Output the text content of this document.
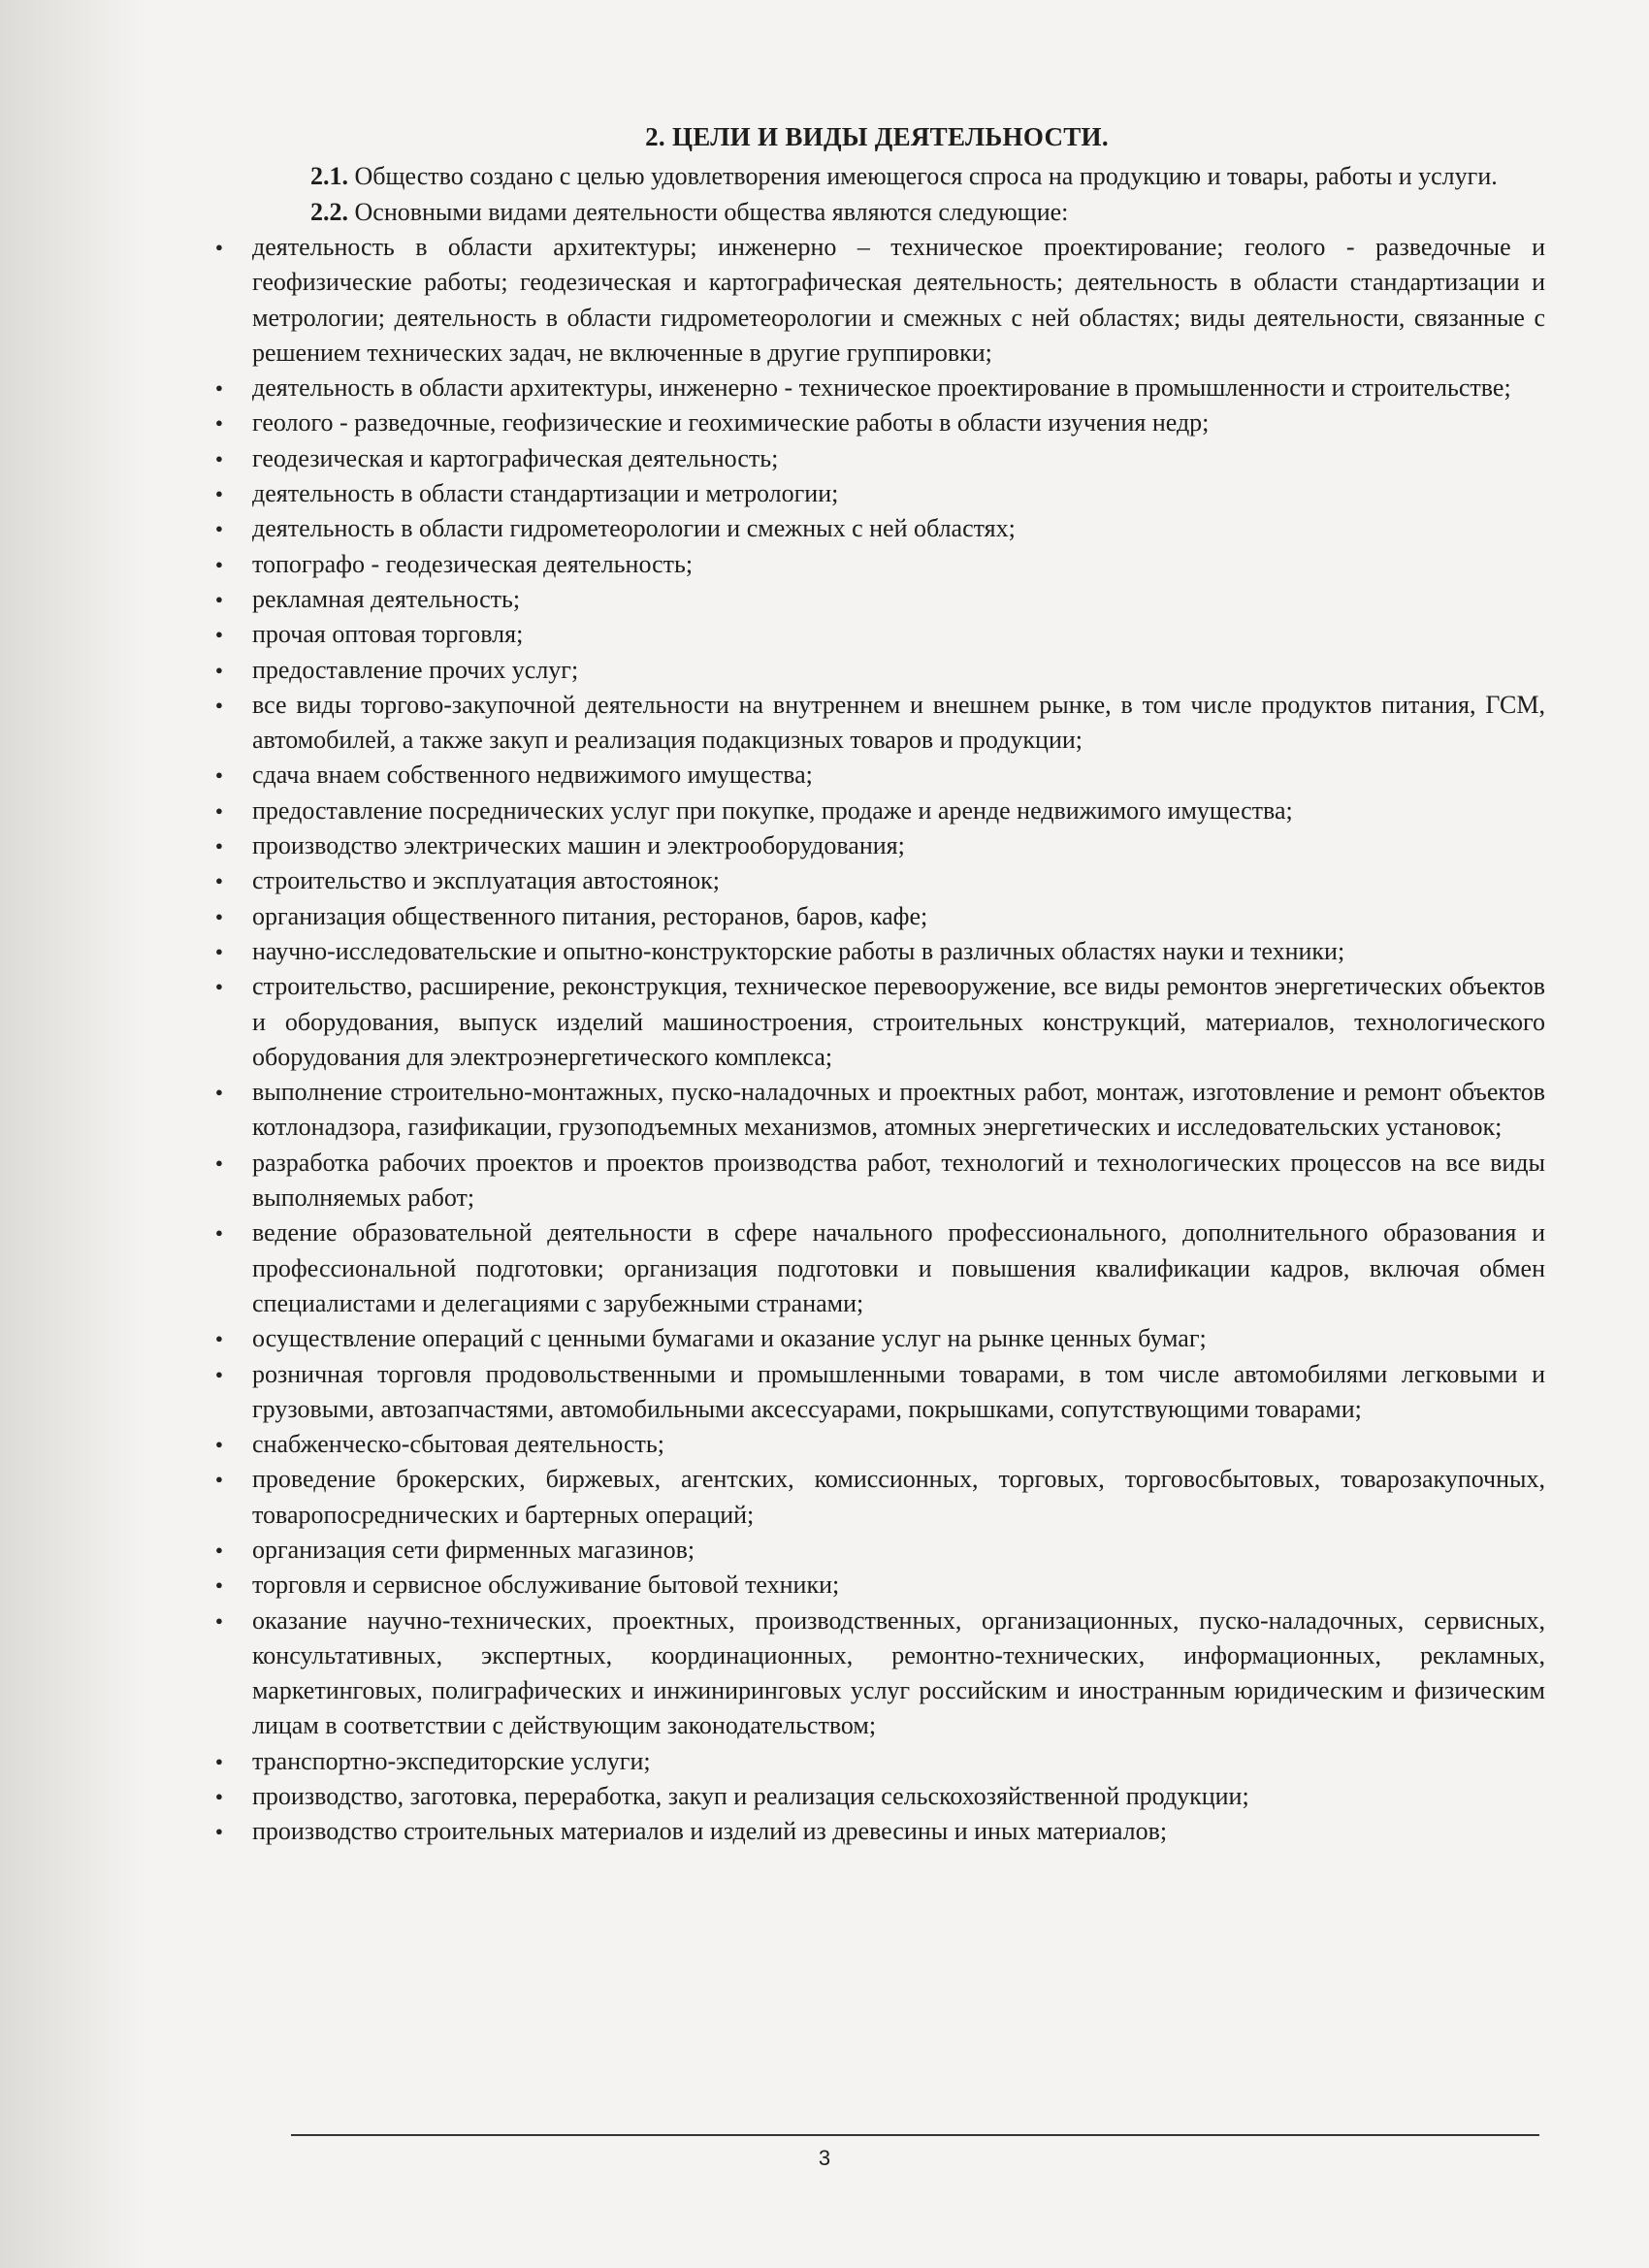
2. ЦЕЛИ И ВИДЫ ДЕЯТЕЛЬНОСТИ.

2.1. Общество создано с целью удовлетворения имеющегося спроса на продукцию и товары, работы и услуги.

2.2. Основными видами деятельности общества являются следующие:

● деятельность в области архитектуры; инженерно – техническое проектирование; геолого - разведочные и геофизические работы; геодезическая и картографическая деятельность; деятельность в области стандартизации и метрологии; деятельность в области гидрометеорологии и смежных с ней областях; виды деятельности, связанные с решением технических задач, не включенные в другие группировки;
● деятельность в области архитектуры, инженерно - техническое проектирование в промышленности и строительстве;
● геолого - разведочные, геофизические и геохимические работы в области изучения недр;
● геодезическая и картографическая деятельность;
● деятельность в области стандартизации и метрологии;
● деятельность в области гидрометеорологии и смежных с ней областях;
● топографо - геодезическая деятельность;
● рекламная деятельность;
● прочая оптовая торговля;
● предоставление прочих услуг;
● все виды торгово-закупочной деятельности на внутреннем и внешнем рынке, в том числе продуктов питания, ГСМ, автомобилей, а также закуп и реализация подакцизных товаров и продукции;
● сдача внаем собственного недвижимого имущества;
● предоставление посреднических услуг при покупке, продаже и аренде недвижимого имущества;
● производство электрических машин и электрооборудования;
● строительство и эксплуатация автостоянок;
● организация общественного питания, ресторанов, баров, кафе;
● научно-исследовательские и опытно-конструкторские работы в различных областях науки и техники;
● строительство, расширение, реконструкция, техническое перевооружение, все виды ремонтов энергетических объектов и оборудования, выпуск изделий машиностроения, строительных конструкций, материалов, технологического оборудования для электроэнергетического комплекса;
● выполнение строительно-монтажных, пуско-наладочных и проектных работ, монтаж, изготовление и ремонт объектов котлонадзора, газификации, грузоподъемных механизмов, атомных энергетических и исследовательских установок;
● разработка рабочих проектов и проектов производства работ, технологий и технологических процессов на все виды выполняемых работ;
● ведение образовательной деятельности в сфере начального профессионального, дополнительного образования и профессиональной подготовки; организация подготовки и повышения квалификации кадров, включая обмен специалистами и делегациями с зарубежными странами;
● осуществление операций с ценными бумагами и оказание услуг на рынке ценных бумаг;
● розничная торговля продовольственными и промышленными товарами, в том числе автомобилями легковыми и грузовыми, автозапчастями, автомобильными аксессуарами, покрышками, сопутствующими товарами;
● снабженческо-сбытовая деятельность;
● проведение брокерских, биржевых, агентских, комиссионных, торговых, торговосбытовых, товарозакупочных, товаропосреднических и бартерных операций;
● организация сети фирменных магазинов;
● торговля и сервисное обслуживание бытовой техники;
● оказание научно-технических, проектных, производственных, организационных, пуско-наладочных, сервисных, консультативных, экспертных, координационных, ремонтно-технических, информационных, рекламных, маркетинговых, полиграфических и инжиниринговых услуг российским и иностранным юридическим и физическим лицам в соответствии с действующим законодательством;
● транспортно-экспедиторские услуги;
● производство, заготовка, переработка, закуп и реализация сельскохозяйственной продукции;
● производство строительных материалов и изделий из древесины и иных материалов;
3
